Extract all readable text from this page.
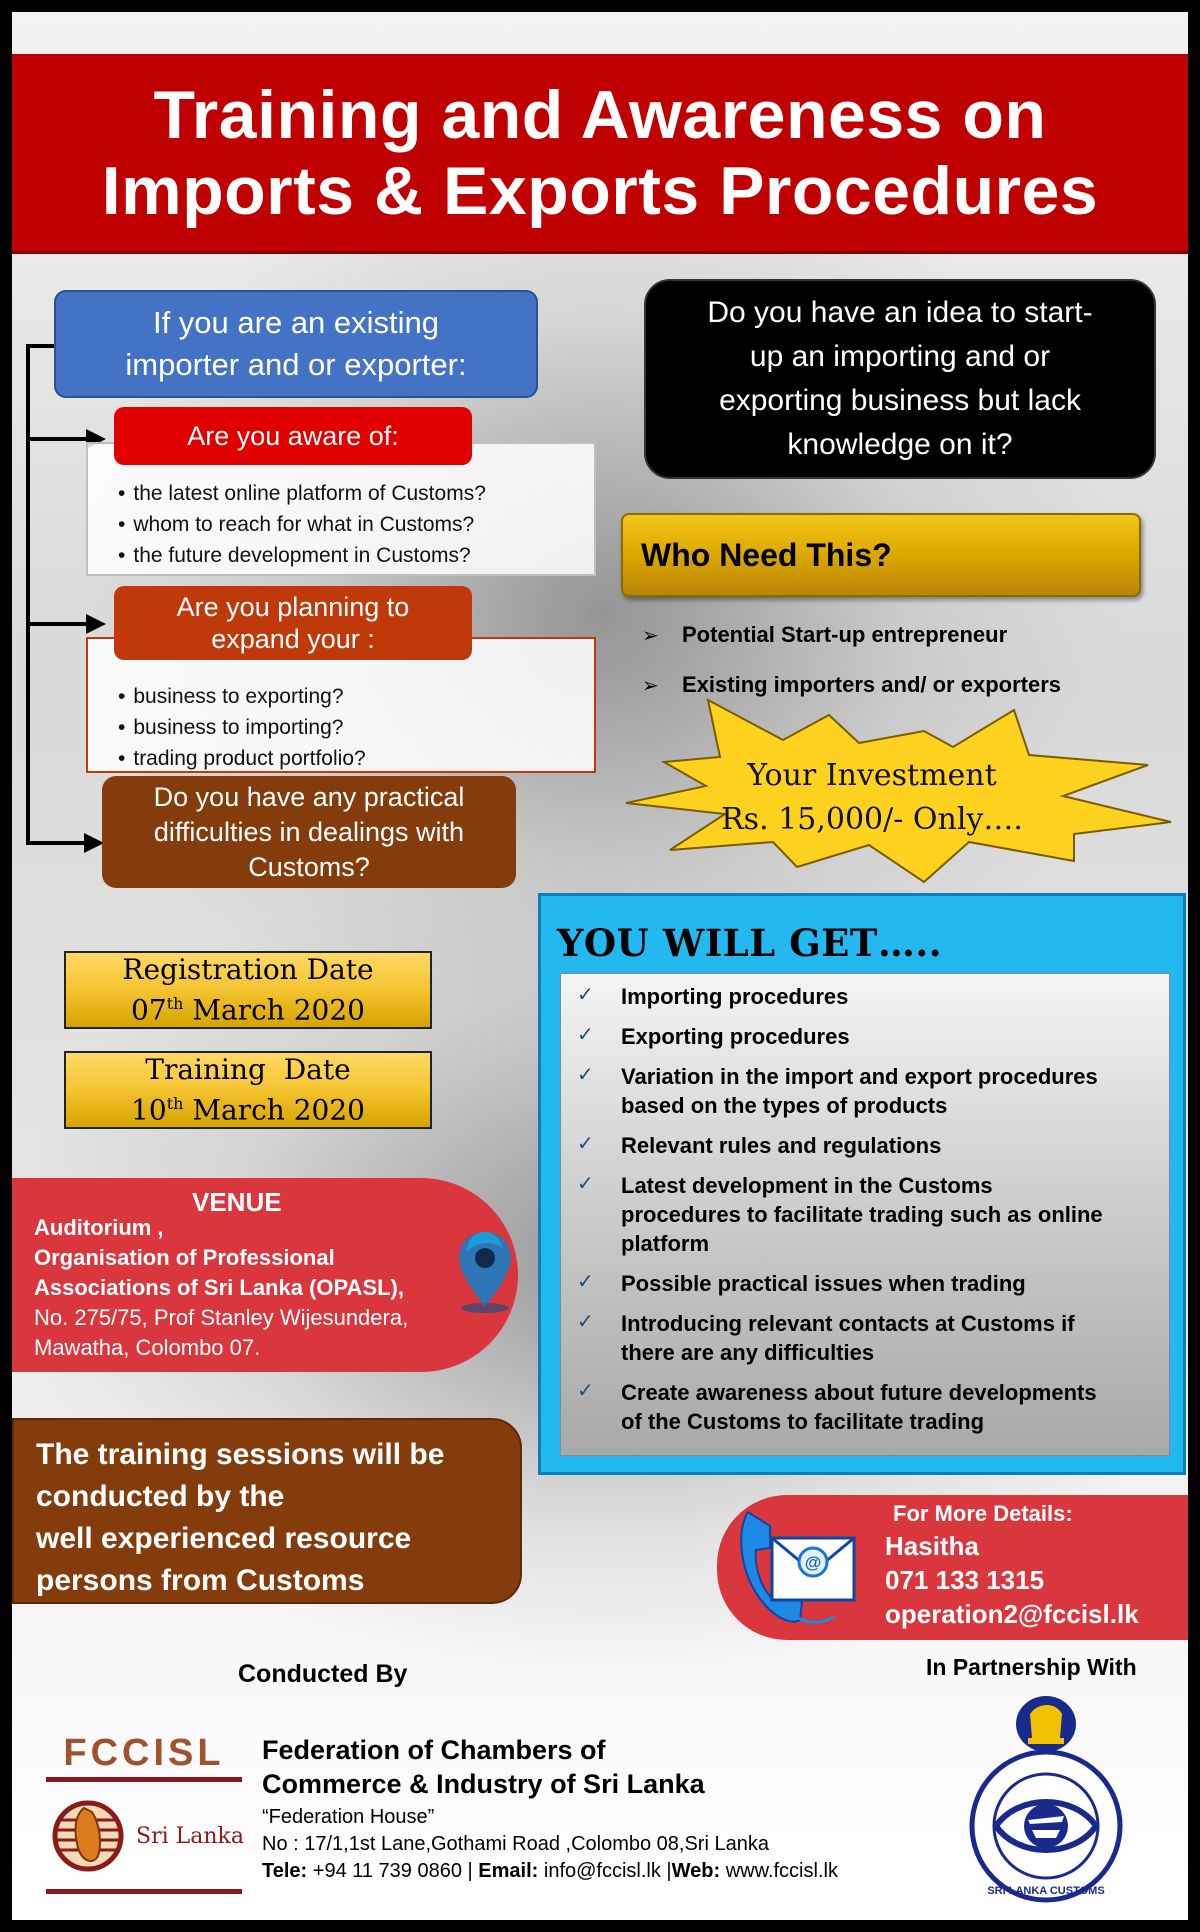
Training and Awareness on
Imports & Exports Procedures
If you are an existing
importer and or exporter:
• the latest online platform of Customs?
• whom to reach for what in Customs?
• the future development in Customs?
Are you aware of:
• business to exporting?
• business to importing?
• trading product portfolio?
Are you planning to
expand your :
Do you have any practical
difficulties in dealings with
Customs?
Do you have an idea to start-
up an importing and or
exporting business but lack
knowledge on it?
Who Need This?
➢ Potential Start-up entrepreneur
➢ Existing importers and/ or exporters
Your Investment
Rs. 15,000/- Only….
YOU WILL GET…..
✓ Importing procedures
✓ Exporting procedures
✓ Variation in the import and export procedures
based on the types of products
✓ Relevant rules and regulations
✓ Latest development in the Customs
procedures to facilitate trading such as online
platform
✓ Possible practical issues when trading
✓ Introducing relevant contacts at Customs if
there are any difficulties
✓ Create awareness about future developments
of the Customs to facilitate trading
Registration Date
07th March 2020
Training  Date
10th March 2020
VENUE
Auditorium ,
Organisation of Professional
Associations of Sri Lanka (OPASL),
No. 275/75, Prof Stanley Wijesundera,
Mawatha, Colombo 07.
The training sessions will be
conducted by the
well experienced resource
persons from Customs
@
For More Details:
Hasitha
071 133 1315
operation2@fccisl.lk
Conducted By	In Partnership With
FCCISL
Sri Lanka
Federation of Chambers of
Commerce & Industry of Sri Lanka
“Federation House”
No : 17/1,1st Lane,Gothami Road ,Colombo 08,Sri Lanka
Tele: +94 11 739 0860 | Email: info@fccisl.lk |Web: www.fccisl.lk
SRI LANKA CUSTOMS
